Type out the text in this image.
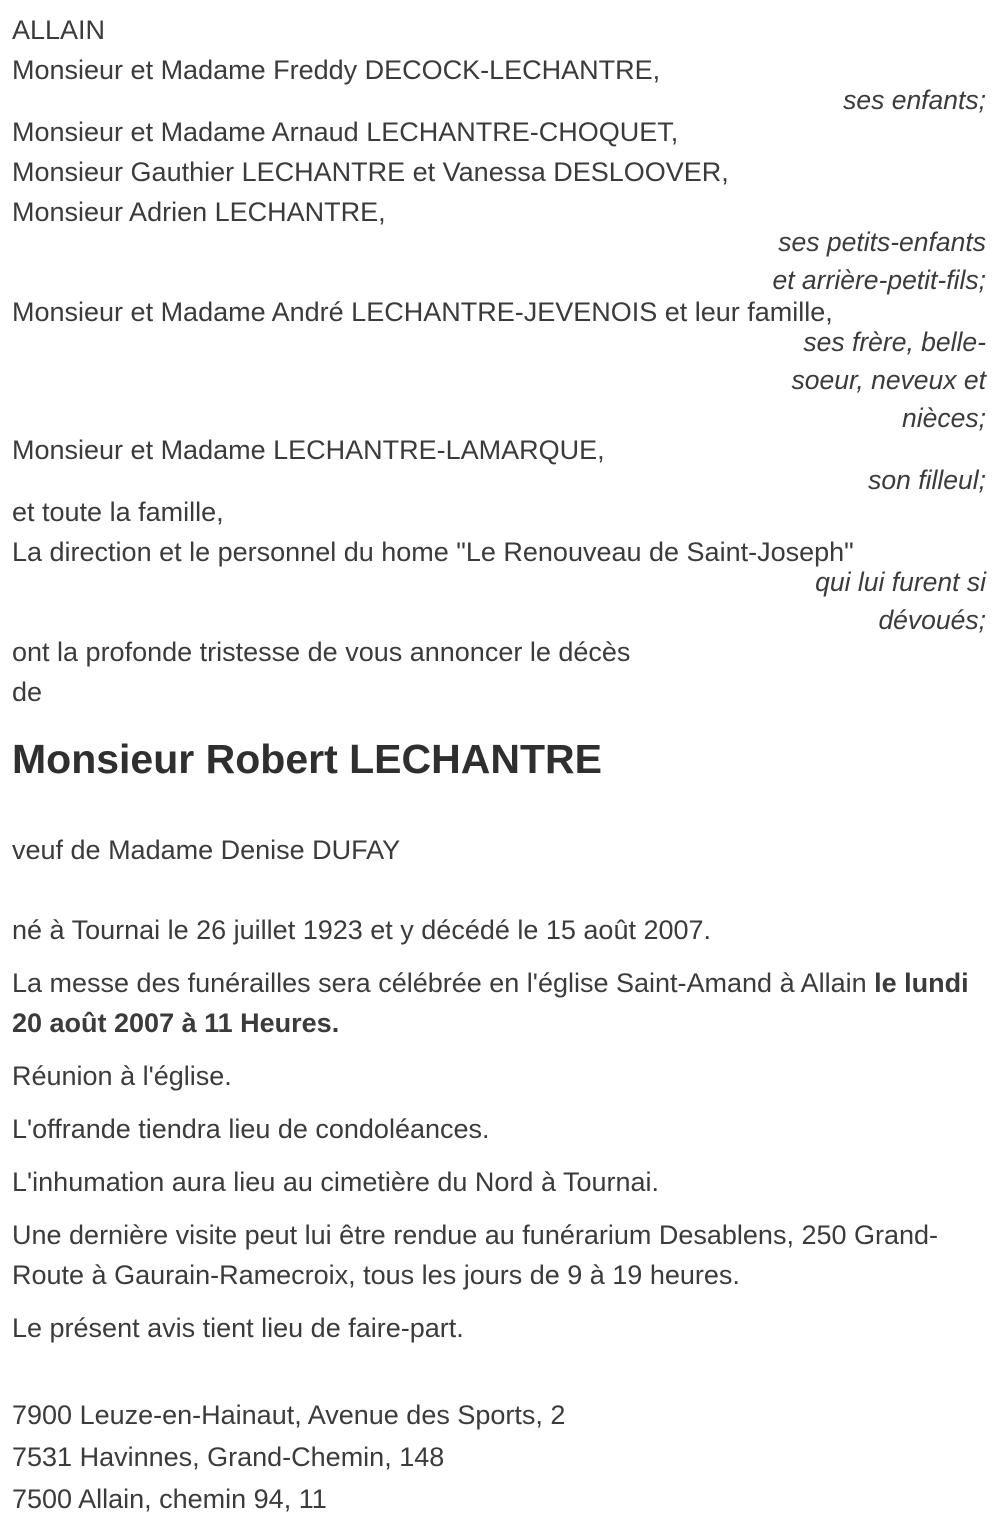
ALLAIN
Monsieur et Madame Freddy DECOCK-LECHANTRE,
ses enfants;
Monsieur et Madame Arnaud LECHANTRE-CHOQUET,
Monsieur Gauthier LECHANTRE et Vanessa DESLOOVER,
Monsieur Adrien LECHANTRE,
ses petits-enfants
et arrière-petit-fils;
Monsieur et Madame André LECHANTRE-JEVENOIS et leur famille,
ses frère, belle-
soeur, neveux et
nièces;
Monsieur et Madame LECHANTRE-LAMARQUE,
son filleul;
et toute la famille,
La direction et le personnel du home "Le Renouveau de Saint-Joseph"
qui lui furent si
dévoués;
ont la profonde tristesse de vous annoncer le décès
de
Monsieur Robert LECHANTRE
veuf de Madame Denise DUFAY
né à Tournai le 26 juillet 1923 et y décédé le 15 août 2007.

La messe des funérailles sera célébrée en l'église Saint-Amand à Allain le lundi 20 août 2007 à 11 Heures.

Réunion à l'église.

L'offrande tiendra lieu de condoléances.

L'inhumation aura lieu au cimetière du Nord à Tournai.

Une dernière visite peut lui être rendue au funérarium Desablens, 250 Grand-Route à Gaurain-Ramecroix, tous les jours de 9 à 19 heures.

Le présent avis tient lieu de faire-part.

7900 Leuze-en-Hainaut, Avenue des Sports, 2
7531 Havinnes, Grand-Chemin, 148
7500 Allain, chemin 94, 11
